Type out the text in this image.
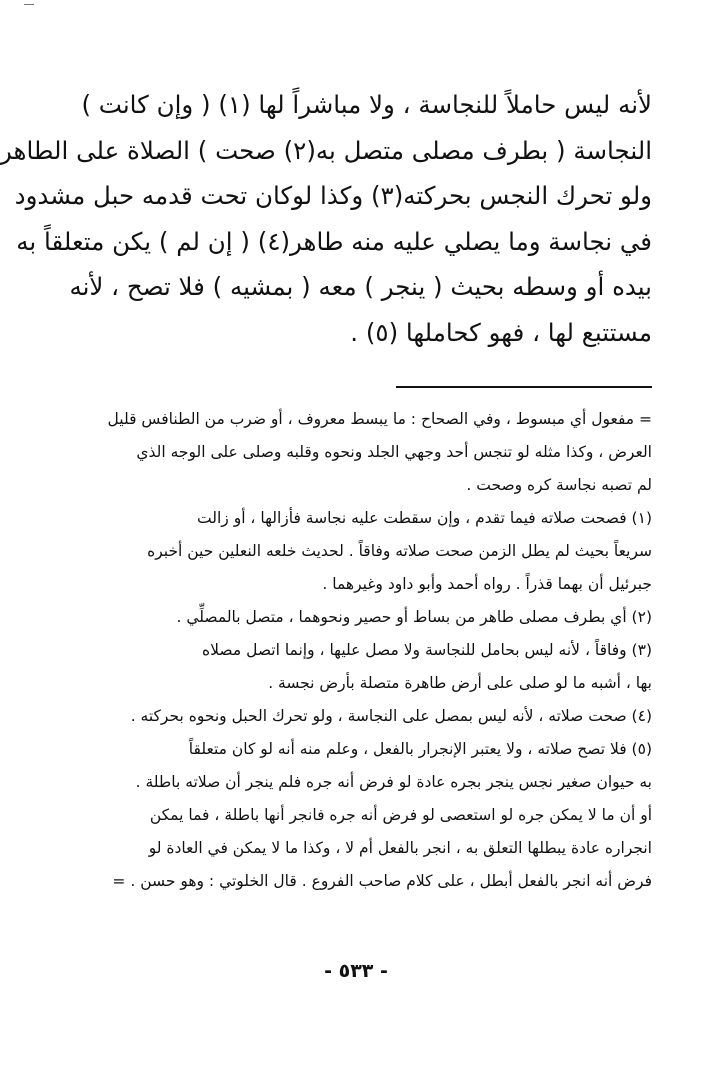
لأنه ليس حاملاً للنجاسة ، ولا مباشراً لها (١) ( وإن كانت )
النجاسة ( بطرف مصلى متصل به(٢) صحت ) الصلاة على الطاهر
ولو تحرك النجس بحركته(٣) وكذا لوكان تحت قدمه حبل مشدود
في نجاسة وما يصلي عليه منه طاهر(٤) ( إن لم ) يكن متعلقاً به
بيده أو وسطه بحيث ( ينجر ) معه ( بمشيه ) فلا تصح ، لأنه
مستتبع لها ، فهو كحاملها (٥) .
= مفعول أي مبسوط ، وفي الصحاح : ما يبسط معروف ، أو ضرب من الطنافس قليل
العرض ، وكذا مثله لو تنجس أحد وجهي الجلد ونحوه وقلبه وصلى على الوجه الذي
لم تصبه نجاسة كره وصحت .
(١) فصحت صلاته فيما تقدم ، وإن سقطت عليه نجاسة فأزالها ، أو زالت
سريعاً بحيث لم يطل الزمن صحت صلاته وفاقاً . لحديث خلعه النعلين حين أخبره
جبرئيل أن بهما قذراً . رواه أحمد وأبو داود وغيرهما .
(٢) أي بطرف مصلى طاهر من بساط أو حصير ونحوهما ، متصل بالمصلِّي .
(٣) وفاقاً ، لأنه ليس بحامل للنجاسة ولا مصل عليها ، وإنما اتصل مصلاه
بها ، أشبه ما لو صلى على أرض طاهرة متصلة بأرض نجسة .
(٤) صحت صلاته ، لأنه ليس بمصل على النجاسة ، ولو تحرك الحبل ونحوه بحركته .
(٥) فلا تصح صلاته ، ولا يعتبر الإنجرار بالفعل ، وعلم منه أنه لو كان متعلقاً
به حيوان صغير نجس ينجر بجره عادة لو فرض أنه جره فلم ينجر أن صلاته باطلة .
أو أن ما لا يمكن جره لو استعصى لو فرض أنه جره فانجر أنها باطلة ، فما يمكن
انجراره عادة يبطلها التعلق به ، انجر بالفعل أم لا ، وكذا ما لا يمكن في العادة لو
فرض أنه انجر بالفعل أبطل ، على كلام صاحب الفروع . قال الخلوتي : وهو حسن . =
- ٥٣٣ -
